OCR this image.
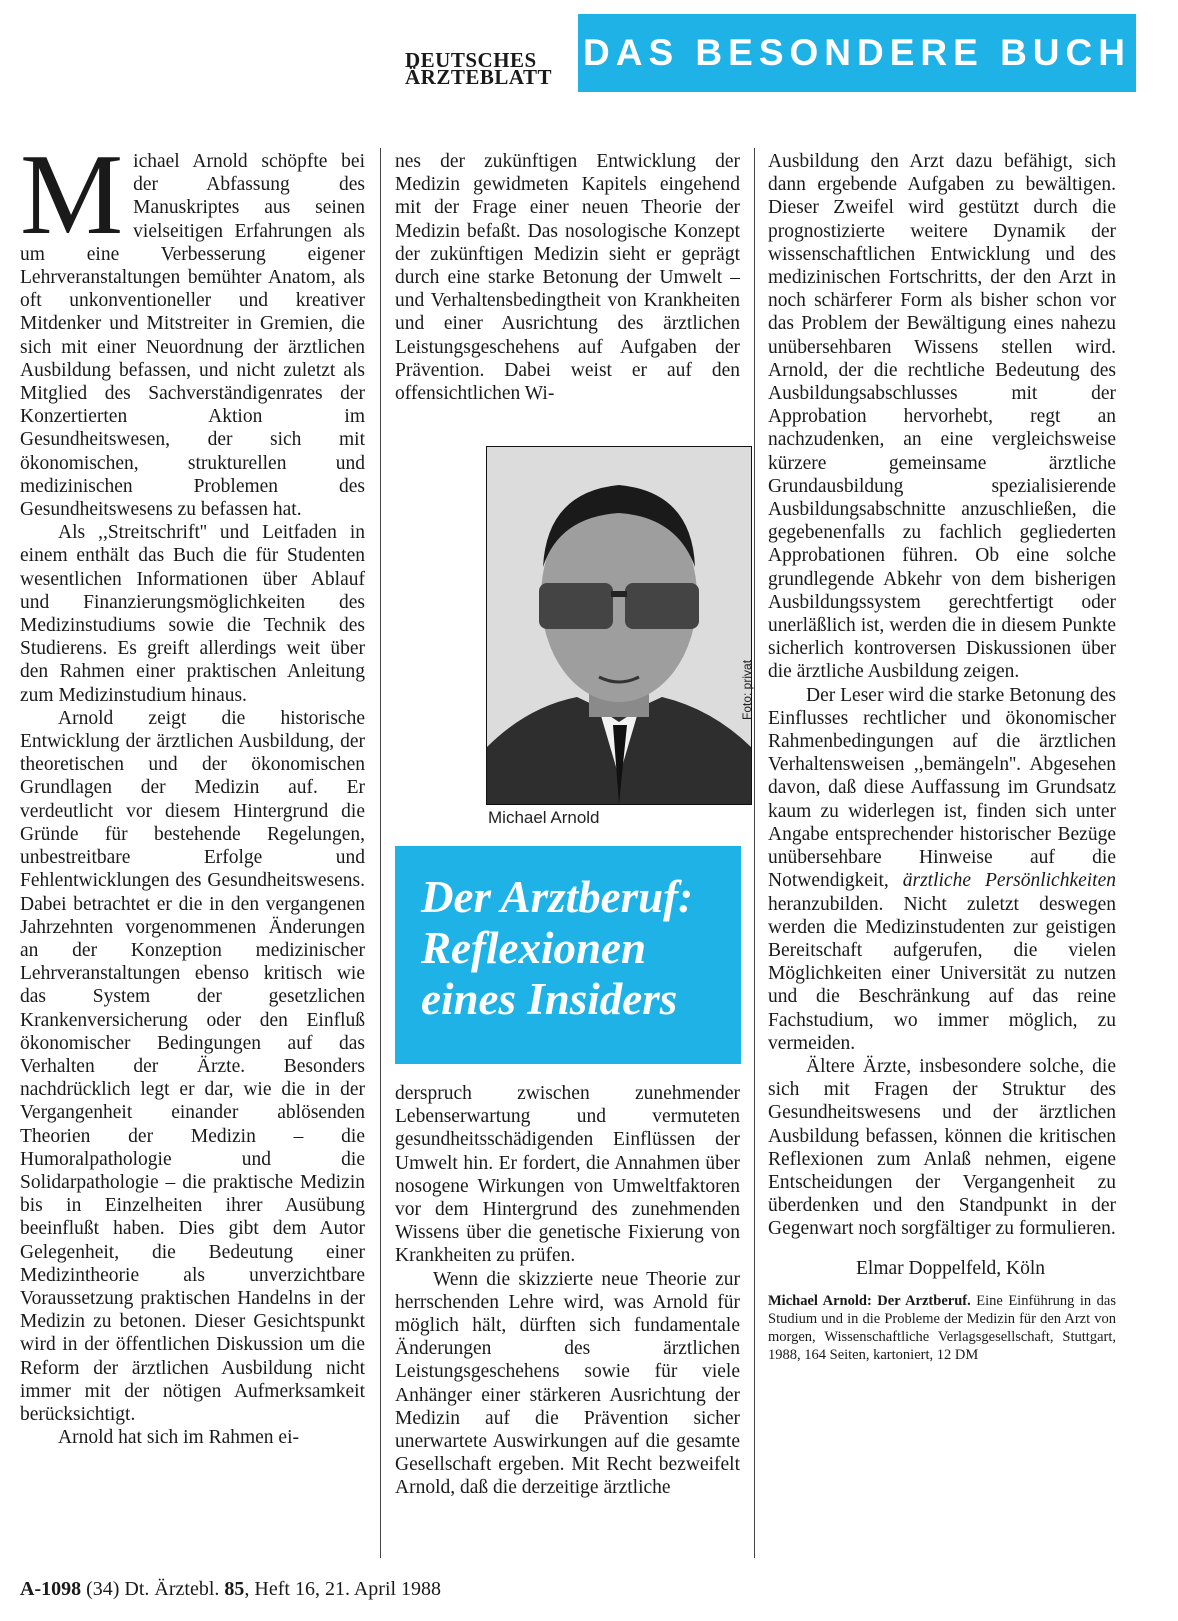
DEUTSCHES
ÄRZTEBLATT
DAS BESONDERE BUCH

Michael Arnold schöpfte bei der Abfassung des Manuskriptes aus seinen vielseitigen Erfahrungen als um eine Verbesserung eigener Lehrveranstaltungen bemühter Anatom, als oft unkonventioneller und kreativer Mitdenker und Mitstreiter in Gremien, die sich mit einer Neuordnung der ärztlichen Ausbildung befassen, und nicht zuletzt als Mitglied des Sachverständigenrates der Konzertierten Aktion im Gesundheitswesen, der sich mit ökonomischen, strukturellen und medizinischen Problemen des Gesundheitswesens zu befassen hat.

Als ,,Streitschrift'' und Leitfaden in einem enthält das Buch die für Studenten wesentlichen Informationen über Ablauf und Finanzierungsmöglichkeiten des Medizinstudiums sowie die Technik des Studierens. Es greift allerdings weit über den Rahmen einer praktischen Anleitung zum Medizinstudium hinaus.

Arnold zeigt die historische Entwicklung der ärztlichen Ausbildung, der theoretischen und der ökonomischen Grundlagen der Medizin auf. Er verdeutlicht vor diesem Hintergrund die Gründe für bestehende Regelungen, unbestreitbare Erfolge und Fehlentwicklungen des Gesundheitswesens. Dabei betrachtet er die in den vergangenen Jahrzehnten vorgenommenen Änderungen an der Konzeption medizinischer Lehrveranstaltungen ebenso kritisch wie das System der gesetzlichen Krankenversicherung oder den Einfluß ökonomischer Bedingungen auf das Verhalten der Ärzte. Besonders nachdrücklich legt er dar, wie die in der Vergangenheit einander ablösenden Theorien der Medizin – die Humoralpathologie und die Solidarpathologie – die praktische Medizin bis in Einzelheiten ihrer Ausübung beeinflußt haben. Dies gibt dem Autor Gelegenheit, die Bedeutung einer Medizintheorie als unverzichtbare Voraussetzung praktischen Handelns in der Medizin zu betonen. Dieser Gesichtspunkt wird in der öffentlichen Diskussion um die Reform der ärztlichen Ausbildung nicht immer mit der nötigen Aufmerksamkeit berücksichtigt.

Arnold hat sich im Rahmen ei-

nes der zukünftigen Entwicklung der Medizin gewidmeten Kapitels eingehend mit der Frage einer neuen Theorie der Medizin befaßt. Das nosologische Konzept der zukünftigen Medizin sieht er geprägt durch eine starke Betonung der Umwelt – und Verhaltensbedingtheit von Krankheiten und einer Ausrichtung des ärztlichen Leistungsgeschehens auf Aufgaben der Prävention. Dabei weist er auf den offensichtlichen Wi-

Foto: privat
Michael Arnold
Der Arztberuf:
Reflexionen
eines Insiders

derspruch zwischen zunehmender Lebenserwartung und vermuteten gesundheitsschädigenden Einflüssen der Umwelt hin. Er fordert, die Annahmen über nosogene Wirkungen von Umweltfaktoren vor dem Hintergrund des zunehmenden Wissens über die genetische Fixierung von Krankheiten zu prüfen.

Wenn die skizzierte neue Theorie zur herrschenden Lehre wird, was Arnold für möglich hält, dürften sich fundamentale Änderungen des ärztlichen Leistungsgeschehens sowie für viele Anhänger einer stärkeren Ausrichtung der Medizin auf die Prävention sicher unerwartete Auswirkungen auf die gesamte Gesellschaft ergeben. Mit Recht bezweifelt Arnold, daß die derzeitige ärztliche

Ausbildung den Arzt dazu befähigt, sich dann ergebende Aufgaben zu bewältigen. Dieser Zweifel wird gestützt durch die prognostizierte weitere Dynamik der wissenschaftlichen Entwicklung und des medizinischen Fortschritts, der den Arzt in noch schärferer Form als bisher schon vor das Problem der Bewältigung eines nahezu unübersehbaren Wissens stellen wird. Arnold, der die rechtliche Bedeutung des Ausbildungsabschlusses mit der Approbation hervorhebt, regt an nachzudenken, an eine vergleichsweise kürzere gemeinsame ärztliche Grundausbildung spezialisierende Ausbildungsabschnitte anzuschließen, die gegebenenfalls zu fachlich gegliederten Approbationen führen. Ob eine solche grundlegende Abkehr von dem bisherigen Ausbildungssystem gerechtfertigt oder unerläßlich ist, werden die in diesem Punkte sicherlich kontroversen Diskussionen über die ärztliche Ausbildung zeigen.

Der Leser wird die starke Betonung des Einflusses rechtlicher und ökonomischer Rahmenbedingungen auf die ärztlichen Verhaltensweisen ,,bemängeln''. Abgesehen davon, daß diese Auffassung im Grundsatz kaum zu widerlegen ist, finden sich unter Angabe entsprechender historischer Bezüge unübersehbare Hinweise auf die Notwendigkeit, ärztliche Persönlichkeiten heranzubilden. Nicht zuletzt deswegen werden die Medizinstudenten zur geistigen Bereitschaft aufgerufen, die vielen Möglichkeiten einer Universität zu nutzen und die Beschränkung auf das reine Fachstudium, wo immer möglich, zu vermeiden.

Ältere Ärzte, insbesondere solche, die sich mit Fragen der Struktur des Gesundheitswesens und der ärztlichen Ausbildung befassen, können die kritischen Reflexionen zum Anlaß nehmen, eigene Entscheidungen der Vergangenheit zu überdenken und den Standpunkt in der Gegenwart noch sorgfältiger zu formulieren.

Elmar Doppelfeld, Köln

Michael Arnold: Der Arztberuf. Eine Einführung in das Studium und in die Probleme der Medizin für den Arzt von morgen, Wissenschaftliche Verlagsgesellschaft, Stuttgart, 1988, 164 Seiten, kartoniert, 12 DM

A-1098 (34) Dt. Ärztebl. 85, Heft 16, 21. April 1988
